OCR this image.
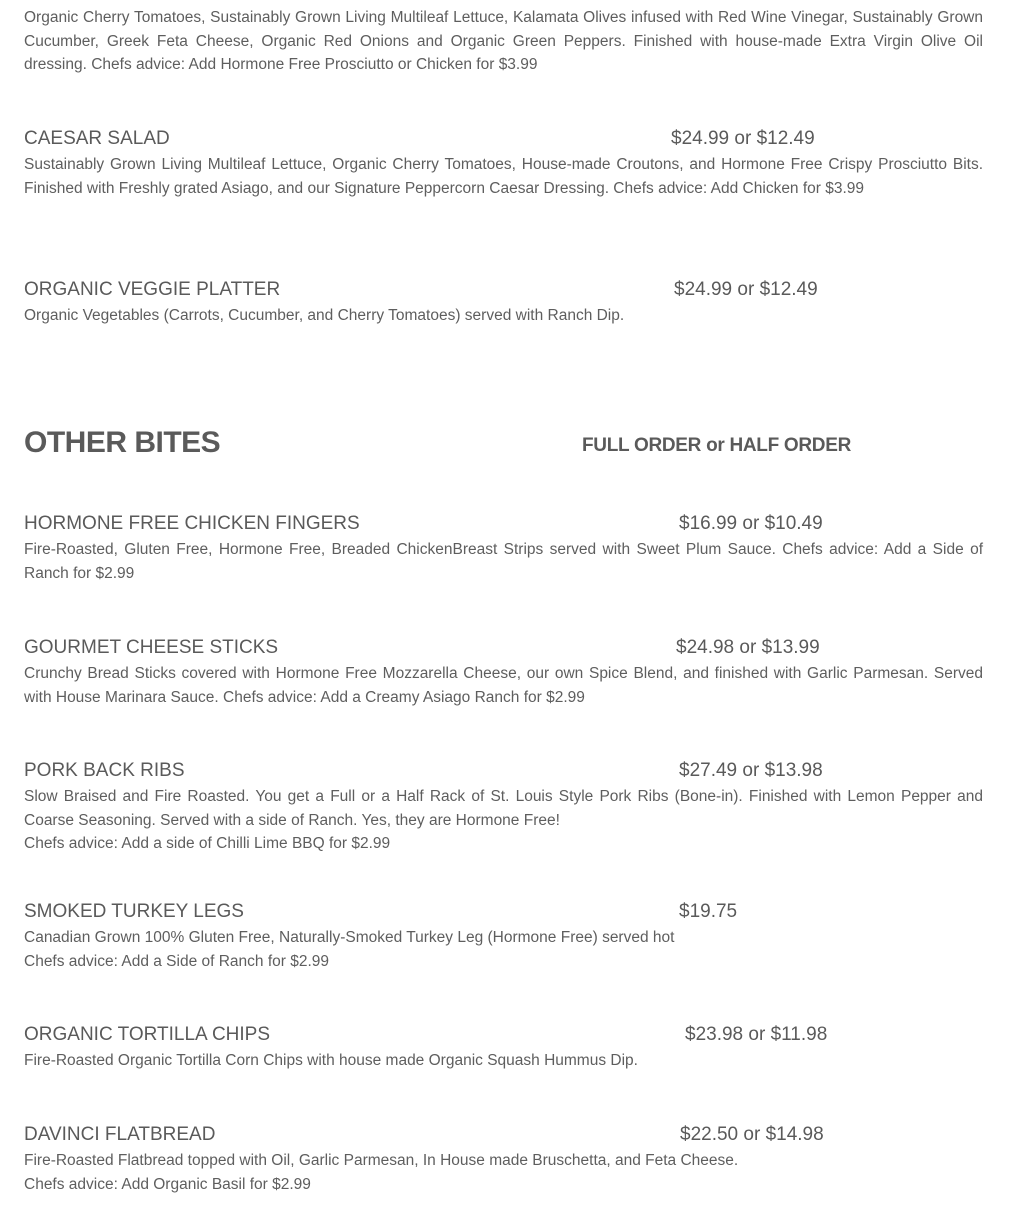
Organic Cherry Tomatoes, Sustainably Grown Living Multileaf Lettuce, Kalamata Olives infused with Red Wine Vinegar, Sustainably Grown Cucumber, Greek Feta Cheese, Organic Red Onions and Organic Green Peppers. Finished with house-made Extra Virgin Olive Oil dressing. Chefs advice: Add Hormone Free Prosciutto or Chicken for $3.99
CAESAR SALAD	$24.99 or $12.49
Sustainably Grown Living Multileaf Lettuce, Organic Cherry Tomatoes, House-made Croutons, and Hormone Free Crispy Prosciutto Bits. Finished with Freshly grated Asiago, and our Signature Peppercorn Caesar Dressing. Chefs advice: Add Chicken for $3.99
ORGANIC VEGGIE PLATTER	$24.99 or $12.49
Organic Vegetables (Carrots, Cucumber, and Cherry Tomatoes) served with Ranch Dip.
OTHER BITES	FULL ORDER or HALF ORDER
HORMONE FREE CHICKEN FINGERS	$16.99 or $10.49
Fire-Roasted, Gluten Free, Hormone Free, Breaded ChickenBreast Strips served with Sweet Plum Sauce. Chefs advice: Add a Side of Ranch for $2.99
GOURMET CHEESE STICKS	$24.98 or $13.99
Crunchy Bread Sticks covered with Hormone Free Mozzarella Cheese, our own Spice Blend, and finished with Garlic Parmesan. Served with House Marinara Sauce. Chefs advice: Add a Creamy Asiago Ranch for $2.99
PORK BACK RIBS	$27.49 or $13.98
Slow Braised and Fire Roasted. You get a Full or a Half Rack of St. Louis Style Pork Ribs (Bone-in). Finished with Lemon Pepper and Coarse Seasoning. Served with a side of Ranch. Yes, they are Hormone Free!
Chefs advice: Add a side of Chilli Lime BBQ for $2.99
SMOKED TURKEY LEGS	$19.75
Canadian Grown 100% Gluten Free, Naturally-Smoked Turkey Leg (Hormone Free) served hot
Chefs advice: Add a Side of Ranch for $2.99
ORGANIC TORTILLA CHIPS	$23.98 or $11.98
Fire-Roasted Organic Tortilla Corn Chips with house made Organic Squash Hummus Dip.
DAVINCI FLATBREAD	$22.50 or $14.98
Fire-Roasted Flatbread topped with Oil, Garlic Parmesan, In House made Bruschetta, and Feta Cheese.
Chefs advice: Add Organic Basil for $2.99
